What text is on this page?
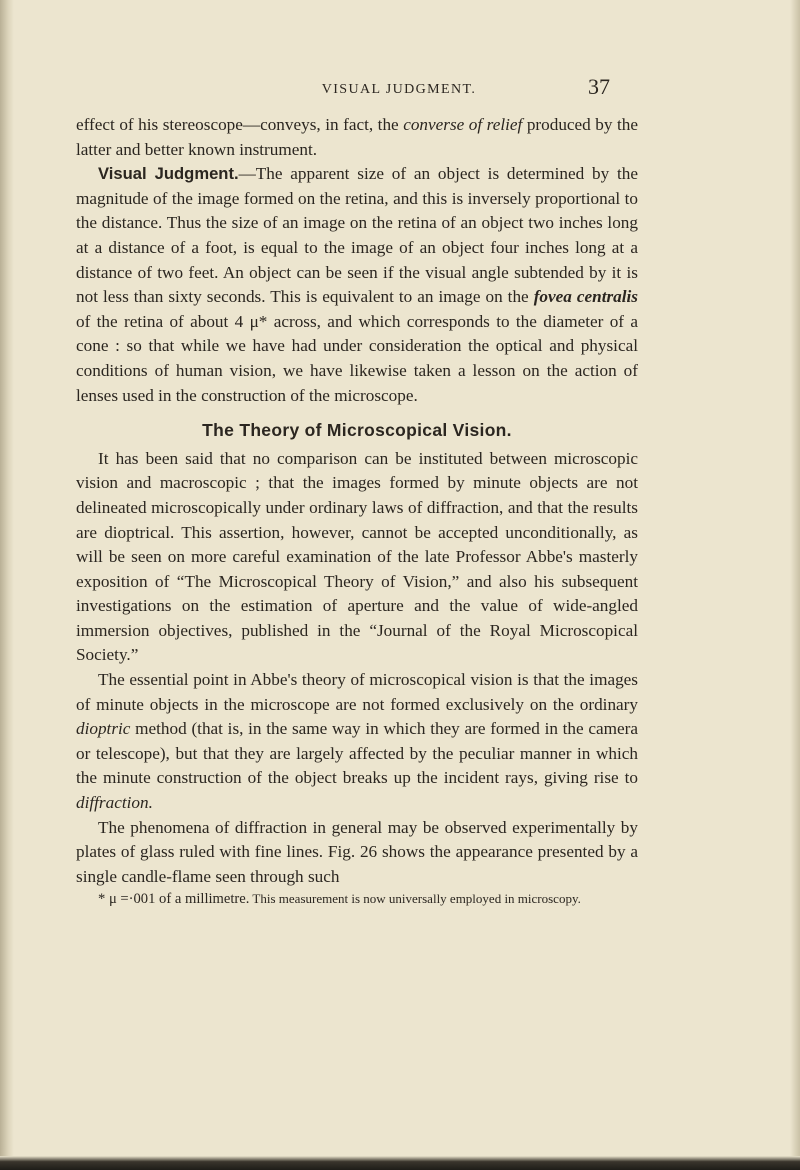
VISUAL JUDGMENT.	37

effect of his stereoscope—conveys, in fact, the converse of relief produced by the latter and better known instrument.

Visual Judgment.—The apparent size of an object is determined by the magnitude of the image formed on the retina, and this is inversely proportional to the distance. Thus the size of an image on the retina of an object two inches long at a distance of a foot, is equal to the image of an object four inches long at a distance of two feet. An object can be seen if the visual angle subtended by it is not less than sixty seconds. This is equivalent to an image on the fovea centralis of the retina of about 4 μ* across, and which corresponds to the diameter of a cone : so that while we have had under consideration the optical and physical conditions of human vision, we have likewise taken a lesson on the action of lenses used in the construction of the microscope.

The Theory of Microscopical Vision.

It has been said that no comparison can be instituted between microscopic vision and macroscopic ; that the images formed by minute objects are not delineated microscopically under ordinary laws of diffraction, and that the results are dioptrical. This assertion, however, cannot be accepted unconditionally, as will be seen on more careful examination of the late Professor Abbe's masterly exposition of “The Microscopical Theory of Vision,” and also his subsequent investigations on the estimation of aperture and the value of wide-angled immersion objectives, published in the “Journal of the Royal Microscopical Society.”

The essential point in Abbe's theory of microscopical vision is that the images of minute objects in the microscope are not formed exclusively on the ordinary dioptric method (that is, in the same way in which they are formed in the camera or telescope), but that they are largely affected by the peculiar manner in which the minute construction of the object breaks up the incident rays, giving rise to diffraction.

The phenomena of diffraction in general may be observed experimentally by plates of glass ruled with fine lines. Fig. 26 shows the appearance presented by a single candle-flame seen through such

* μ =·001 of a millimetre. This measurement is now universally employed in microscopy.
